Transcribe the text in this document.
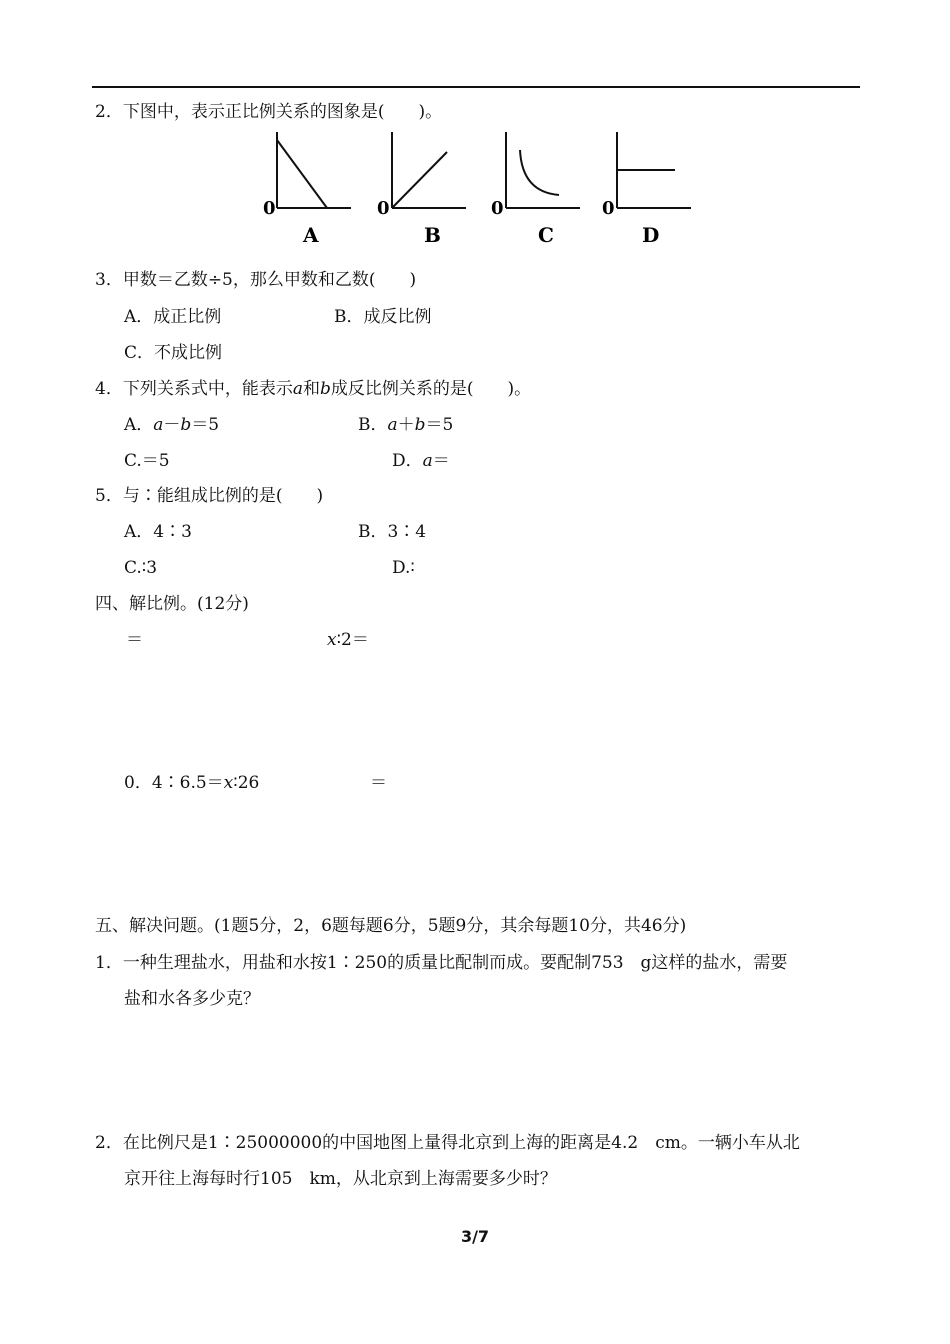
2．下图中，表示正比例关系的图象是(　　)。
0
A
0
B
0
C
0
D
3．甲数＝乙数÷5，那么甲数和乙数(　　)
A．成正比例	B．成反比例
C．不成比例
4．下列关系式中，能表示a和b成反比例关系的是(　　)。
A．a－b＝5	B．a＋b＝5
C.＝5	D．a＝
5．与∶能组成比例的是(　　)
A．4∶3	B．3∶4
C.∶3	D.∶
四、解比例。(12分)
＝	x∶2＝
0．4∶6.5＝x∶26	＝
五、解决问题。(1题5分，2，6题每题6分，5题9分，其余每题10分，共46分)
1．一种生理盐水，用盐和水按1∶250的质量比配制而成。要配制753　g这样的盐水，需要
盐和水各多少克？
2．在比例尺是1∶25000000的中国地图上量得北京到上海的距离是4.2　cm。一辆小车从北
京开往上海每时行105　km，从北京到上海需要多少时？
3/7
